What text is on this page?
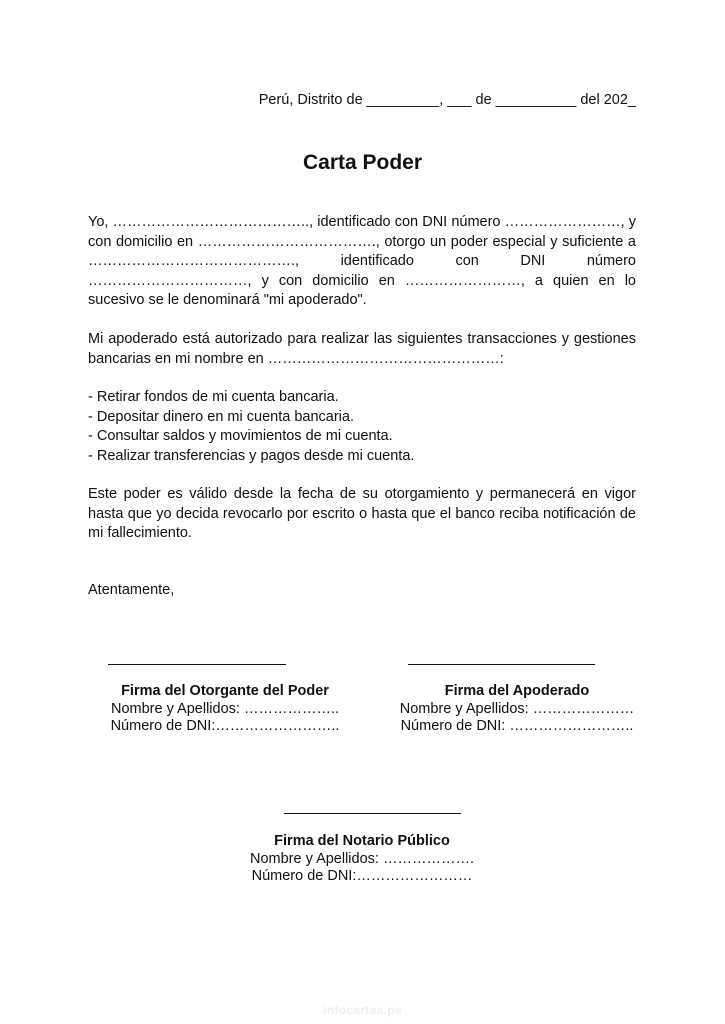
Perú, Distrito de _________, ___ de __________ del 202_
Carta Poder

Yo, ………………………………….., identificado con DNI número ……………………, y con domicilio en ………………………………., otorgo un poder especial y suficiente a ……………………………………., identificado con DNI número ……………………………, y con domicilio en ……………………, a quien en lo sucesivo se le denominará "mi apoderado".

Mi apoderado está autorizado para realizar las siguientes transacciones y gestiones bancarias en mi nombre en …………………………………………:

- Retirar fondos de mi cuenta bancaria.
- Depositar dinero en mi cuenta bancaria.
- Consultar saldos y movimientos de mi cuenta.
- Realizar transferencias y pagos desde mi cuenta.

Este poder es válido desde la fecha de su otorgamiento y permanecerá en vigor hasta que yo decida revocarlo por escrito o hasta que el banco reciba notificación de mi fallecimiento.

Atentamente,
Firma del Otorgante del Poder
Nombre y Apellidos: ………………..
Número de DNI:……………………..
Firma del Apoderado
Nombre y Apellidos: …………………
Número de DNI: ……………………..
Firma del Notario Público
Nombre y Apellidos: ……………….
Número de DNI:……………………
infocartas.pe
